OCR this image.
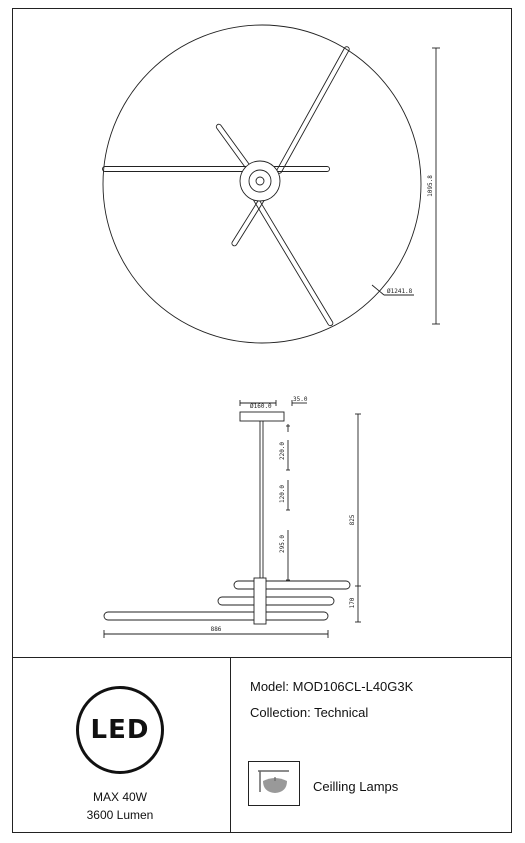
1095.8
Ø1241.8
Ø160.0
35.0
220.0
120.0
295.0
825
170
886
LED
MAX 40W
3600 Lumen
Model: MOD106CL-L40G3K
Collection: Technical
Ceilling Lamps
